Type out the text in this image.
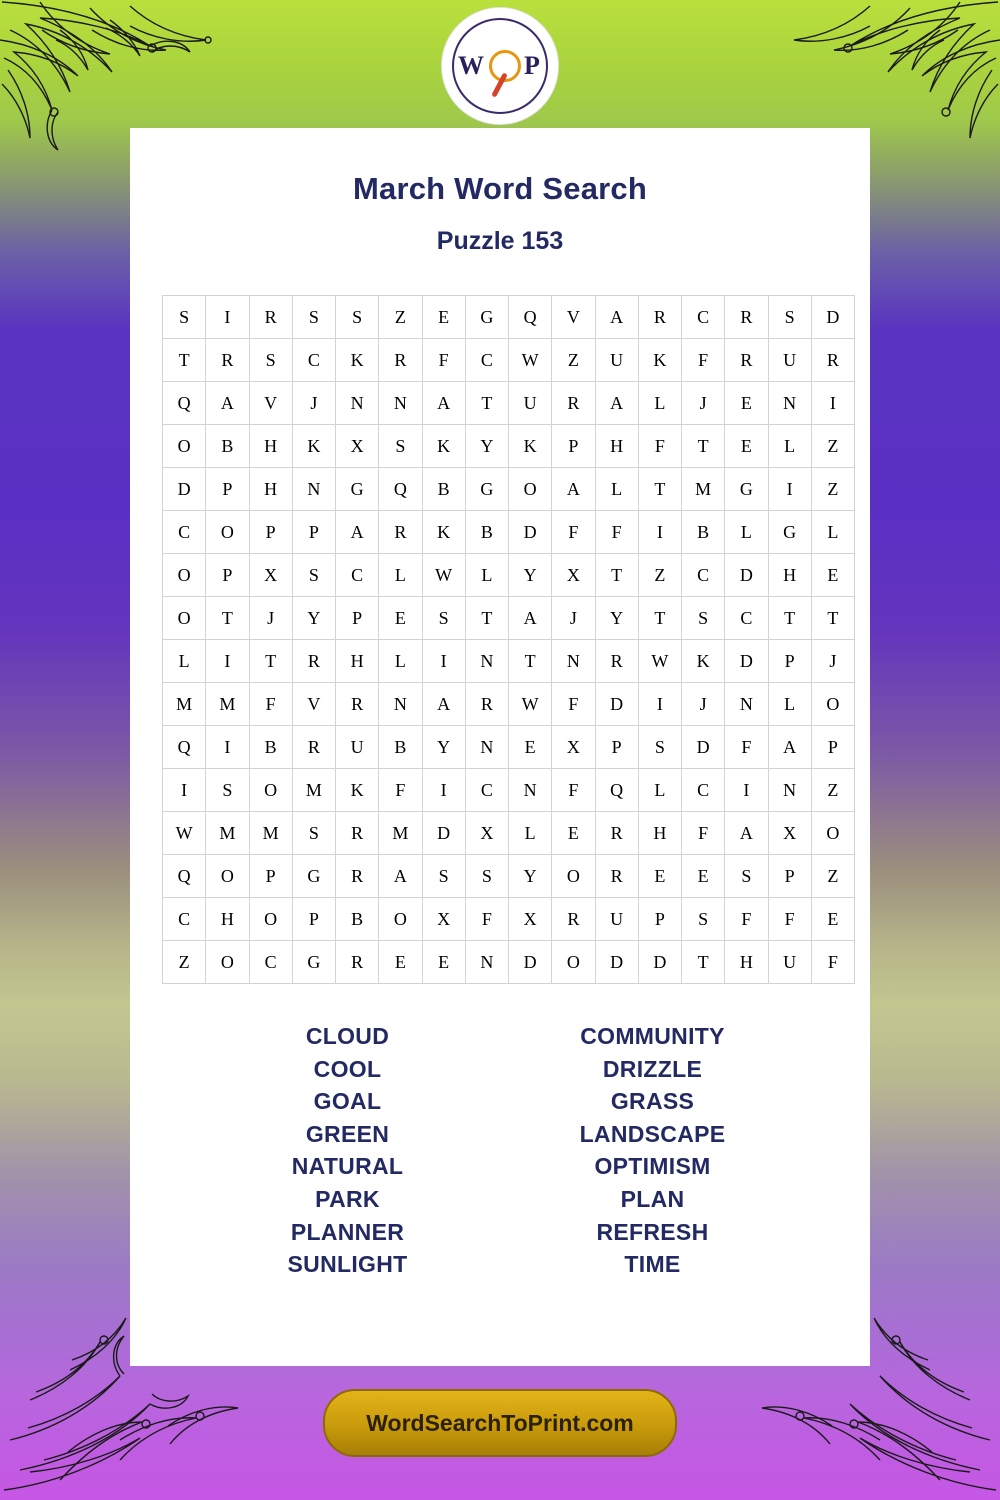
W P
March Word Search
Puzzle 153
S	I	R	S	S	Z	E	G	Q	V	A	R	C	R	S	D
T	R	S	C	K	R	F	C	W	Z	U	K	F	R	U	R
Q	A	V	J	N	N	A	T	U	R	A	L	J	E	N	I
O	B	H	K	X	S	K	Y	K	P	H	F	T	E	L	Z
D	P	H	N	G	Q	B	G	O	A	L	T	M	G	I	Z
C	O	P	P	A	R	K	B	D	F	F	I	B	L	G	L
O	P	X	S	C	L	W	L	Y	X	T	Z	C	D	H	E
O	T	J	Y	P	E	S	T	A	J	Y	T	S	C	T	T
L	I	T	R	H	L	I	N	T	N	R	W	K	D	P	J
M	M	F	V	R	N	A	R	W	F	D	I	J	N	L	O
Q	I	B	R	U	B	Y	N	E	X	P	S	D	F	A	P
I	S	O	M	K	F	I	C	N	F	Q	L	C	I	N	Z
W	M	M	S	R	M	D	X	L	E	R	H	F	A	X	O
Q	O	P	G	R	A	S	S	Y	O	R	E	E	S	P	Z
C	H	O	P	B	O	X	F	X	R	U	P	S	F	F	E
Z	O	C	G	R	E	E	N	D	O	D	D	T	H	U	F
CLOUD
COOL
GOAL
GREEN
NATURAL
PARK
PLANNER
SUNLIGHT
COMMUNITY
DRIZZLE
GRASS
LANDSCAPE
OPTIMISM
PLAN
REFRESH
TIME
WordSearchToPrint.com
